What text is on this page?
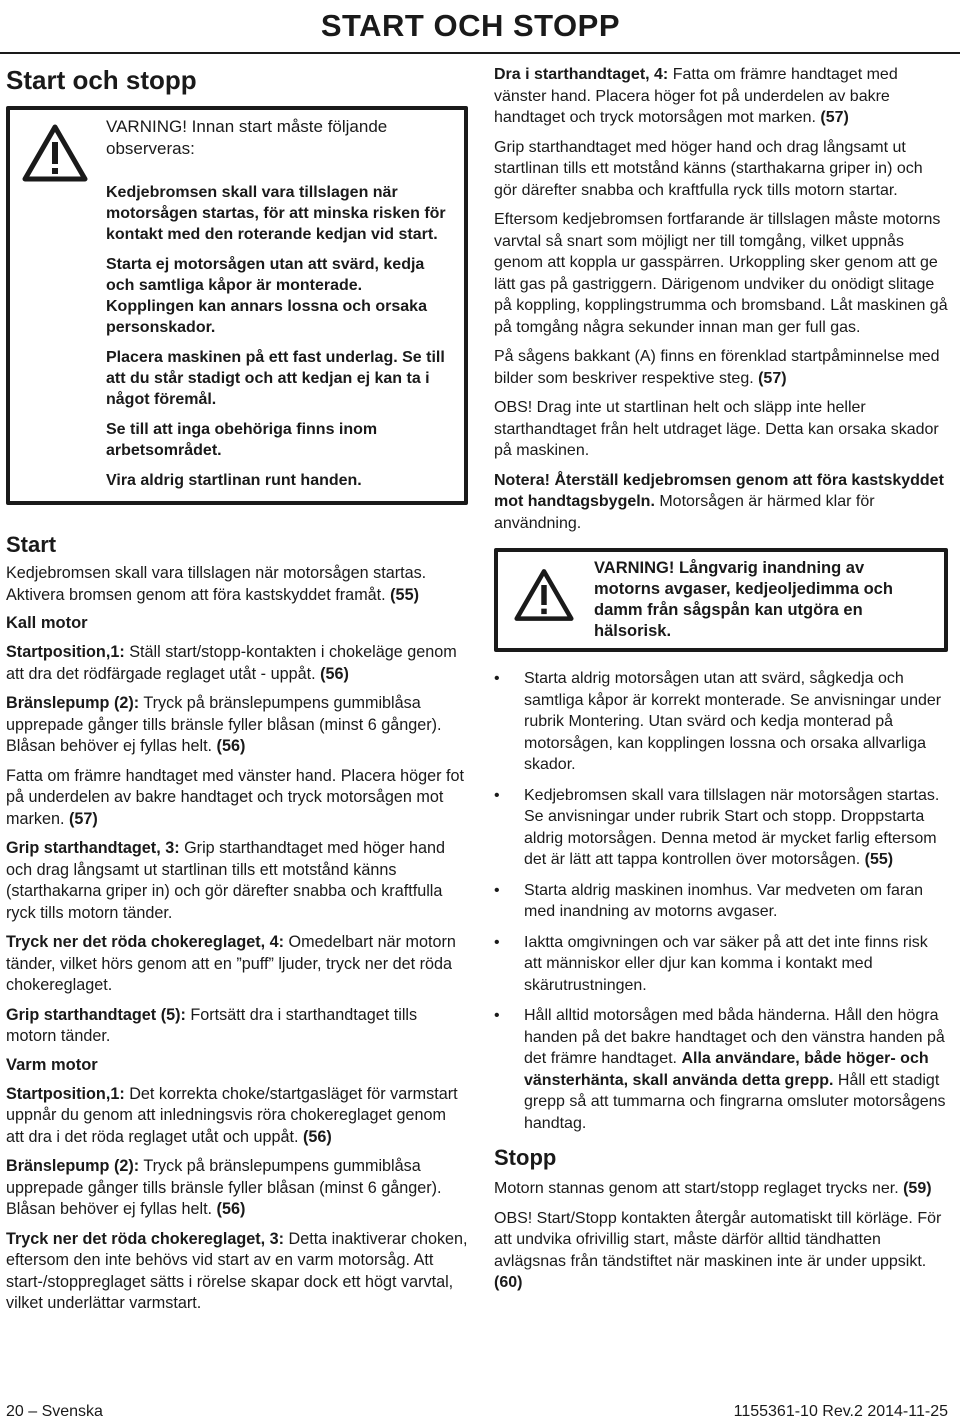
START OCH STOPP
Start och stopp

VARNING! Innan start måste följande observeras:

Kedjebromsen skall vara tillslagen när motorsågen startas, för att minska risken för kontakt med den roterande kedjan vid start.

Starta ej motorsågen utan att svärd, kedja och samtliga kåpor är monterade. Kopplingen kan annars lossna och orsaka personskador.

Placera maskinen på ett fast underlag. Se till att du står stadigt och att kedjan ej kan ta i något föremål.

Se till att inga obehöriga finns inom arbetsområdet.

Vira aldrig startlinan runt handen.

Start

Kedjebromsen skall vara tillslagen när motorsågen startas. Aktivera bromsen genom att föra kastskyddet framåt. (55)

Kall motor

Startposition,1: Ställ start/stopp-kontakten i chokeläge genom att dra det rödfärgade reglaget utåt - uppåt. (56)

Bränslepump (2): Tryck på bränslepumpens gummiblåsa upprepade gånger tills bränsle fyller blåsan (minst 6 gånger). Blåsan behöver ej fyllas helt. (56)

Fatta om främre handtaget med vänster hand. Placera höger fot på underdelen av bakre handtaget och tryck motorsågen mot marken. (57)

Grip starthandtaget, 3: Grip starthandtaget med höger hand och drag långsamt ut startlinan tills ett motstånd känns (starthakarna griper in) och gör därefter snabba och kraftfulla ryck tills motorn tänder.

Tryck ner det röda chokereglaget, 4: Omedelbart när motorn tänder, vilket hörs genom att en ”puff” ljuder, tryck ner det röda chokereglaget.

Grip starthandtaget (5): Fortsätt dra i starthandtaget tills motorn tänder.

Varm motor

Startposition,1: Det korrekta choke/startgasläget för varmstart uppnår du genom att inledningsvis röra chokereglaget genom att dra i det röda reglaget utåt och uppåt. (56)

Bränslepump (2): Tryck på bränslepumpens gummiblåsa upprepade gånger tills bränsle fyller blåsan (minst 6 gånger). Blåsan behöver ej fyllas helt. (56)

Tryck ner det röda chokereglaget, 3: Detta inaktiverar choken, eftersom den inte behövs vid start av en varm motorsåg. Att start-/stoppreglaget sätts i rörelse skapar dock ett högt varvtal, vilket underlättar varmstart.

Dra i starthandtaget, 4: Fatta om främre handtaget med vänster hand. Placera höger fot på underdelen av bakre handtaget och tryck motorsågen mot marken. (57)

Grip starthandtaget med höger hand och drag långsamt ut startlinan tills ett motstånd känns (starthakarna griper in) och gör därefter snabba och kraftfulla ryck tills motorn startar.

Eftersom kedjebromsen fortfarande är tillslagen måste motorns varvtal så snart som möjligt ner till tomgång, vilket uppnås genom att koppla ur gasspärren. Urkoppling sker genom att ge lätt gas på gastriggern. Därigenom undviker du onödigt slitage på koppling, kopplingstrumma och bromsband. Låt maskinen gå på tomgång några sekunder innan man ger full gas.

På sågens bakkant (A) finns en förenklad startpåminnelse med bilder som beskriver respektive steg. (57)

OBS! Drag inte ut startlinan helt och släpp inte heller starthandtaget från helt utdraget läge. Detta kan orsaka skador på maskinen.

Notera! Återställ kedjebromsen genom att föra kastskyddet mot handtagsbygeln. Motorsågen är härmed klar för användning.

VARNING! Långvarig inandning av motorns avgaser, kedjeoljedimma och damm från sågspån kan utgöra en hälsorisk.

• Starta aldrig motorsågen utan att svärd, sågkedja och samtliga kåpor är korrekt monterade. Se anvisningar under rubrik Montering. Utan svärd och kedja monterad på motorsågen, kan kopplingen lossna och orsaka allvarliga skador.
• Kedjebromsen skall vara tillslagen när motorsågen startas. Se anvisningar under rubrik Start och stopp. Droppstarta aldrig motorsågen. Denna metod är mycket farlig eftersom det är lätt att tappa kontrollen över motorsågen. (55)
• Starta aldrig maskinen inomhus. Var medveten om faran med inandning av motorns avgaser.
• Iaktta omgivningen och var säker på att det inte finns risk att människor eller djur kan komma i kontakt med skärutrustningen.
• Håll alltid motorsågen med båda händerna. Håll den högra handen på det bakre handtaget och den vänstra handen på det främre handtaget. Alla användare, både höger- och vänsterhänta, skall använda detta grepp. Håll ett stadigt grepp så att tummarna och fingrarna omsluter motorsågens handtag.
Stopp

Motorn stannas genom att start/stopp reglaget trycks ner. (59)

OBS! Start/Stopp kontakten återgår automatiskt till körläge. För att undvika ofrivillig start, måste därför alltid tändhatten avlägsnas från tändstiftet när maskinen inte är under uppsikt. (60)

20 – Svenska	1155361-10 Rev.2 2014-11-25
